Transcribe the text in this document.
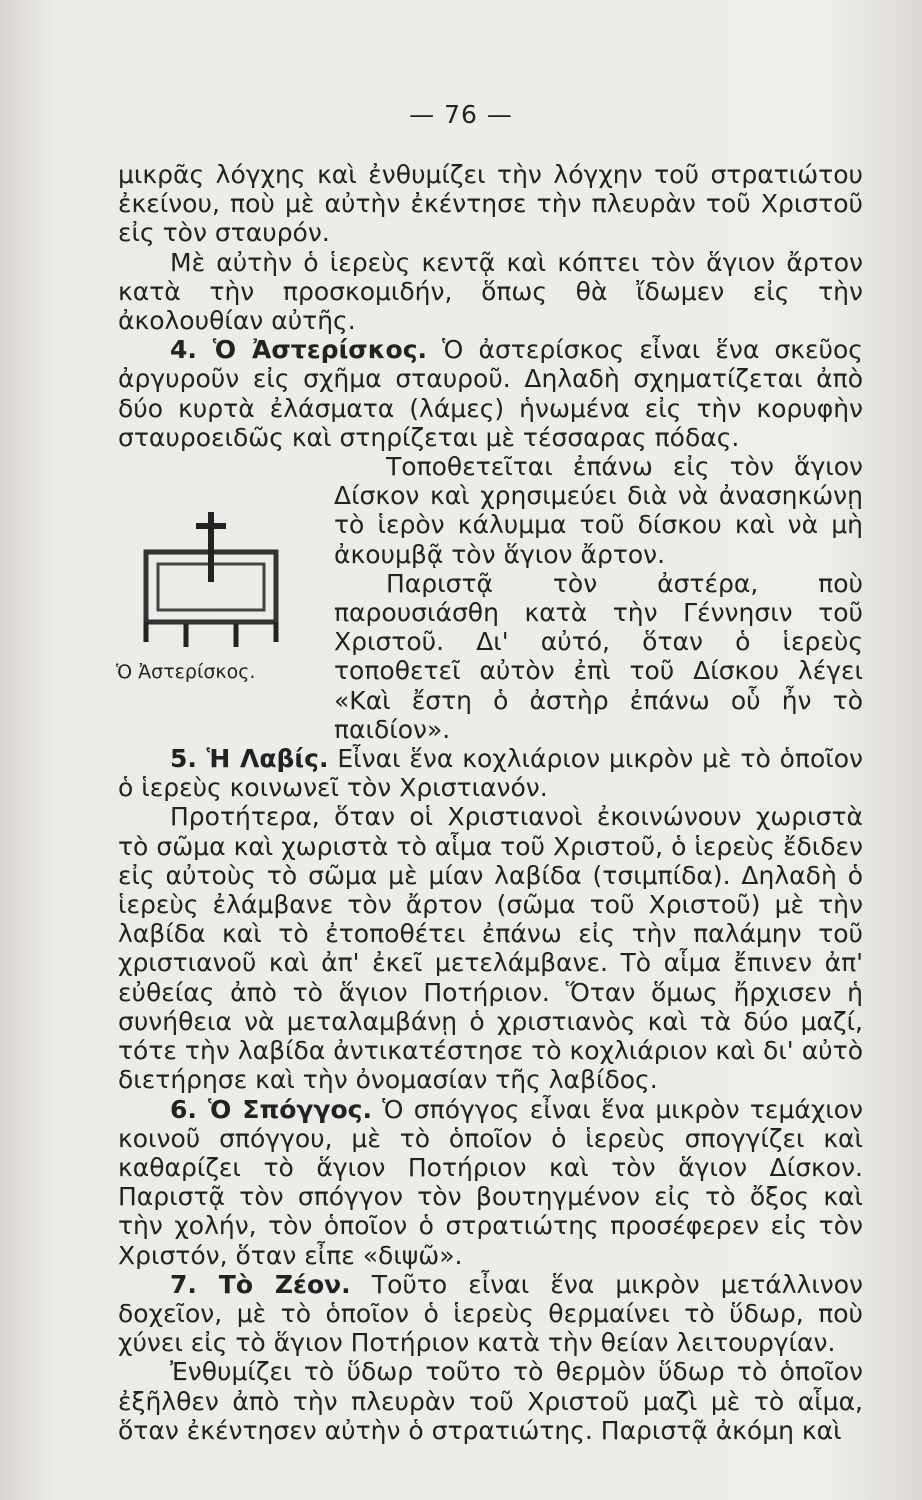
— 76 —

μικρᾶς λόγχης καὶ ἐνθυμίζει τὴν λόγχην τοῦ στρατιώτου ἐκείνου, ποὺ μὲ αὐτὴν ἐκέντησε τὴν πλευρὰν τοῦ Χριστοῦ εἰς τὸν σταυρόν.

Μὲ αὐτὴν ὁ ἱερεὺς κεντᾷ καὶ κόπτει τὸν ἅγιον ἄρτον κατὰ τὴν προσκομιδήν, ὅπως θὰ ἴδωμεν εἰς τὴν ἀκολουθίαν αὐτῆς.

4. Ὁ Ἀστερίσκος. Ὁ ἀστερίσκος εἶναι ἕνα σκεῦος ἀργυροῦν εἰς σχῆμα σταυροῦ. Δηλαδὴ σχηματίζεται ἀπὸ δύο κυρτὰ ἐλάσματα (λάμες) ἡνωμένα εἰς τὴν κορυφὴν σταυροειδῶς καὶ στηρίζεται μὲ τέσσαρας πόδας.

Ὁ Ἀστερίσκος.

Τοποθετεῖται ἐπάνω εἰς τὸν ἅγιον Δίσκον καὶ χρησιμεύει διὰ νὰ ἀνασηκώνῃ τὸ ἱερὸν κάλυμμα τοῦ δίσκου καὶ νὰ μὴ ἀκουμβᾷ τὸν ἅγιον ἄρτον.

Παριστᾷ τὸν ἀστέρα, ποὺ παρουσιάσθη κατὰ τὴν Γέννησιν τοῦ Χριστοῦ. Δι' αὐτό, ὅταν ὁ ἱερεὺς τοποθετεῖ αὐτὸν ἐπὶ τοῦ Δίσκου λέγει «Καὶ ἔστη ὁ ἀστὴρ ἐπάνω οὗ ἦν τὸ παιδίον».

5. Ἡ Λαβίς. Εἶναι ἕνα κοχλιάριον μικρὸν μὲ τὸ ὁποῖον ὁ ἱερεὺς κοινωνεῖ τὸν Χριστιανόν.

Προτήτερα, ὅταν οἱ Χριστιανοὶ ἐκοινώνουν χωριστὰ τὸ σῶμα καὶ χωριστὰ τὸ αἷμα τοῦ Χριστοῦ, ὁ ἱερεὺς ἔδιδεν εἰς αὐτοὺς τὸ σῶμα μὲ μίαν λαβίδα (τσιμπίδα). Δηλαδὴ ὁ ἱερεὺς ἐλάμβανε τὸν ἄρτον (σῶμα τοῦ Χριστοῦ) μὲ τὴν λαβίδα καὶ τὸ ἐτοποθέτει ἐπάνω εἰς τὴν παλάμην τοῦ χριστιανοῦ καὶ ἀπ' ἐκεῖ μετελάμβανε. Τὸ αἷμα ἔπινεν ἀπ' εὐθείας ἀπὸ τὸ ἅγιον Ποτήριον. Ὅταν ὅμως ἤρχισεν ἡ συνήθεια νὰ μεταλαμβάνῃ ὁ χριστιανὸς καὶ τὰ δύο μαζί, τότε τὴν λαβίδα ἀντικατέστησε τὸ κοχλιάριον καὶ δι' αὐτὸ διετήρησε καὶ τὴν ὀνομασίαν τῆς λαβίδος.

6. Ὁ Σπόγγος. Ὁ σπόγγος εἶναι ἕνα μικρὸν τεμάχιον κοινοῦ σπόγγου, μὲ τὸ ὁποῖον ὁ ἱερεὺς σπογγίζει καὶ καθαρίζει τὸ ἅγιον Ποτήριον καὶ τὸν ἅγιον Δίσκον. Παριστᾷ τὸν σπόγγον τὸν βουτηγμένον εἰς τὸ ὄξος καὶ τὴν χολήν, τὸν ὁποῖον ὁ στρατιώτης προσέφερεν εἰς τὸν Χριστόν, ὅταν εἶπε «διψῶ».

7. Τὸ Ζέον. Τοῦτο εἶναι ἕνα μικρὸν μετάλλινον δοχεῖον, μὲ τὸ ὁποῖον ὁ ἱερεὺς θερμαίνει τὸ ὕδωρ, ποὺ χύνει εἰς τὸ ἅγιον Ποτήριον κατὰ τὴν θείαν λειτουργίαν.

Ἐνθυμίζει τὸ ὕδωρ τοῦτο τὸ θερμὸν ὕδωρ τὸ ὁποῖον ἐξῆλθεν ἀπὸ τὴν πλευρὰν τοῦ Χριστοῦ μαζὶ μὲ τὸ αἷμα, ὅταν ἐκέντησεν αὐτὴν ὁ στρατιώτης. Παριστᾷ ἀκόμη καὶ
